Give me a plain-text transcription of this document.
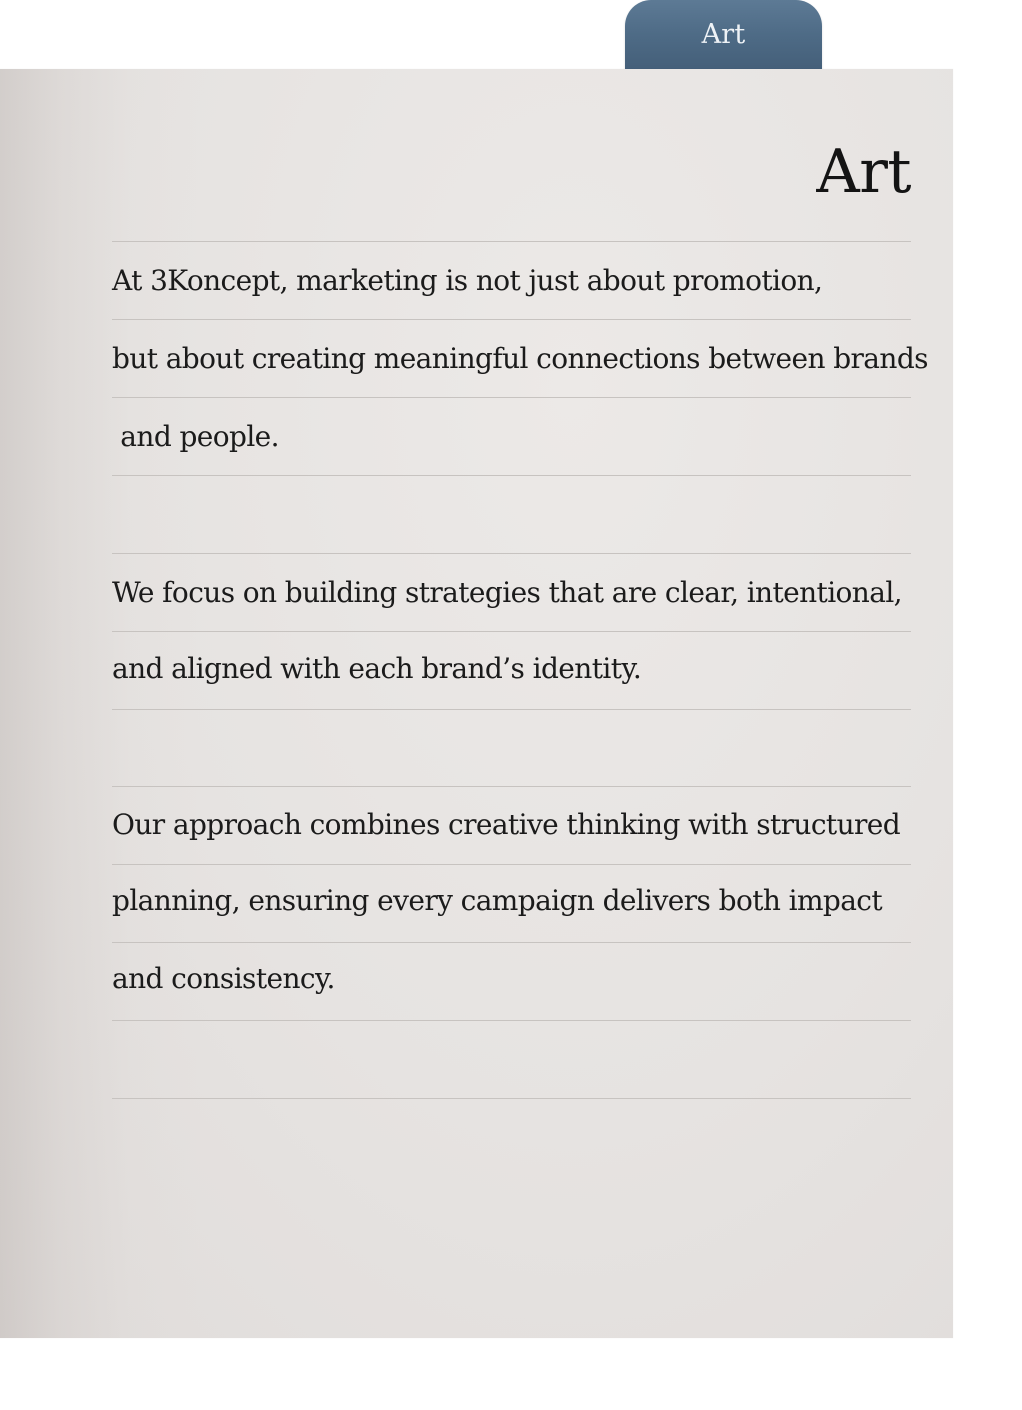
Art
Art
At 3Koncept, marketing is not just about promotion,
but about creating meaningful connections between brands
and people.
We focus on building strategies that are clear, intentional,
and aligned with each brand’s identity.
Our approach combines creative thinking with structured
planning, ensuring every campaign delivers both impact
and consistency.
